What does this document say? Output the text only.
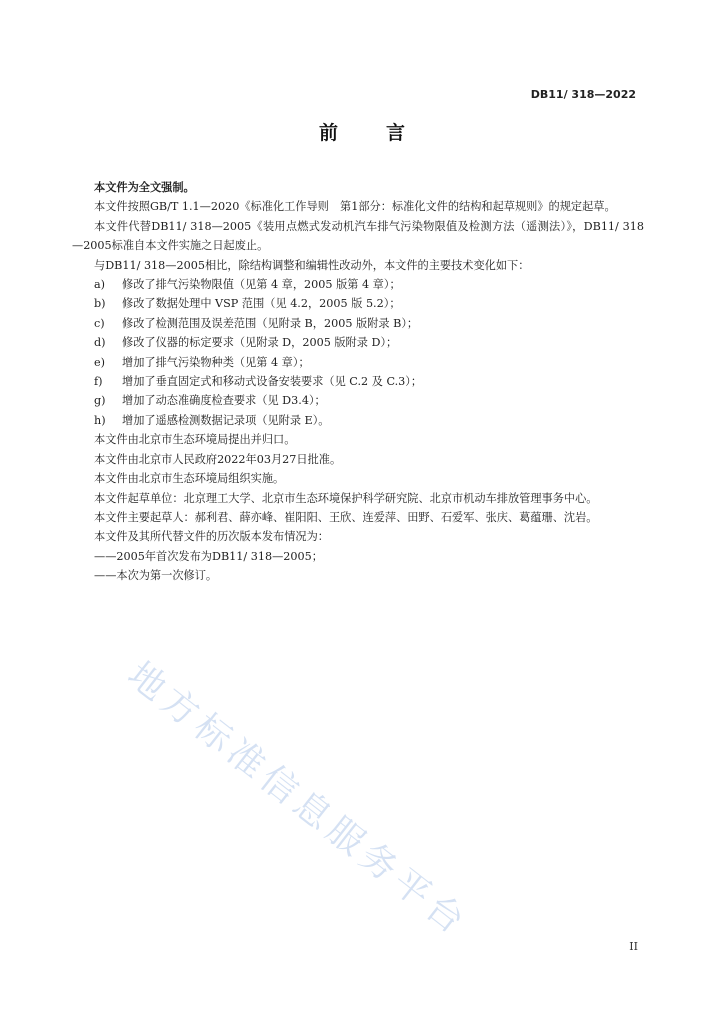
DB11/ 318—2022
前	言

本文件为全文强制。

本文件按照GB/T 1.1—2020《标准化工作导则　第1部分：标准化文件的结构和起草规则》的规定起草。

本文件代替DB11/ 318—2005《装用点燃式发动机汽车排气污染物限值及检测方法（遥测法）》，DB11/ 318—2005标准自本文件实施之日起废止。

与DB11/ 318—2005相比，除结构调整和编辑性改动外，本文件的主要技术变化如下：

a) 修改了排气污染物限值（见第 4 章，2005 版第 4 章）；

b) 修改了数据处理中 VSP 范围（见 4.2，2005 版 5.2）；

c) 修改了检测范围及误差范围（见附录 B，2005 版附录 B）；

d) 修改了仪器的标定要求（见附录 D，2005 版附录 D）；

e) 增加了排气污染物种类（见第 4 章）；

f) 增加了垂直固定式和移动式设备安装要求（见 C.2 及 C.3）；

g) 增加了动态准确度检查要求（见 D3.4）；

h) 增加了遥感检测数据记录项（见附录 E）。

本文件由北京市生态环境局提出并归口。

本文件由北京市人民政府2022年03月27日批准。

本文件由北京市生态环境局组织实施。

本文件起草单位：北京理工大学、北京市生态环境保护科学研究院、北京市机动车排放管理事务中心。

本文件主要起草人：郝利君、薛亦峰、崔阳阳、王欣、连爱萍、田野、石爱军、张庆、葛蕴珊、沈岩。

本文件及其所代替文件的历次版本发布情况为：

——2005年首次发布为DB11/ 318—2005；

——本次为第一次修订。

地方标准信息服务平台
II
